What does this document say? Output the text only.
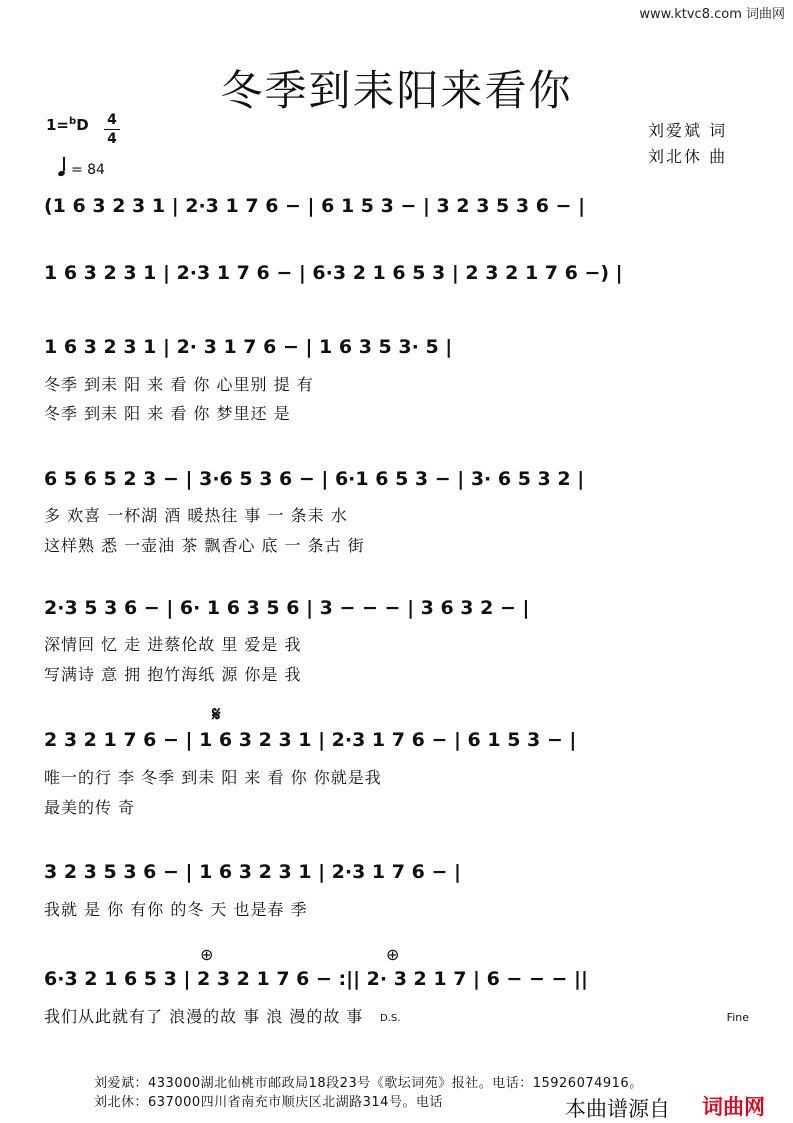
www.ktvc8.com 词曲网
冬季到耒阳来看你
1=$^b$D 4
4
= 84
刘爱斌 词
刘北休 曲
(1 6 3 2 3 1 | 2·3 1 7 6 − | 6 1 5 3 − | 3 2 3 5 3 6 − |
1 6 3 2 3 1 | 2·3 1 7 6 − | 6·3 2 1 6 5 3 | 2 3 2 1 7 6 −) |
1 6 3 2 3 1 | 2· 3 1 7 6 − | 1 6 3 5 3· 5 |
6 5 6 5 2 3 − | 3·6 5 3 6 − | 6·1 6 5 3 − | 3· 6 5 3 2 |
2·3 5 3 6 − | 6· 1 6 3 5 6 | 3 − − − | 3 6 3 2 − |
2 3 2 1 7 6 − | 1 6 3 2 3 1 | 2·3 1 7 6 − | 6 1 5 3 − |
3 2 3 5 3 6 − | 1 6 3 2 3 1 | 2·3 1 7 6 − |
6·3 2 1 6 5 3 | 2 3 2 1 7 6 − :|| 2· 3 2 1 7 | 6 − − − ||
冬季 到耒 阳 来 看 你 心里别 提 有
冬季 到耒 阳 来 看 你 梦里还 是
多 欢喜 一杯湖 酒 暖热往 事 一 条耒 水
这样熟 悉 一壶油 茶 飘香心 底 一 条古 街
深情回 忆 走 进蔡伦故 里 爱是 我
写满诗 意 拥 抱竹海纸 源 你是 我
唯一的行 李 冬季 到耒 阳 来 看 你 你就是我
最美的传 奇
我就 是 你 有你 的冬 天 也是春 季
我们从此就有了 浪漫的故 事 浪 漫的故 事
𝄋
⊕	⊕
D.S.	Fine
刘爱斌：433000湖北仙桃市邮政局18段23号《歌坛词苑》报社。电话：15926074916。
刘北休：637000四川省南充市顺庆区北湖路314号。电话	本曲谱源自 词曲网
